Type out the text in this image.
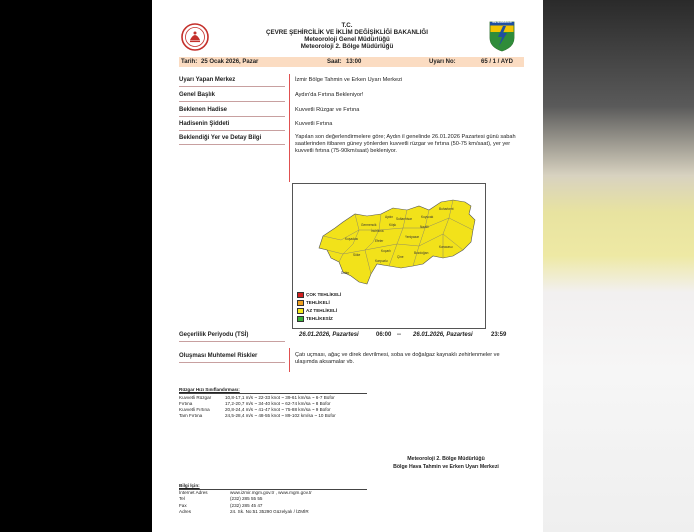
T.C.
ÇEVRE ŞEHİRCİLİK VE İKLİM DEĞİŞİKLİĞİ BAKANLIĞI
Meteoroloji Genel Müdürlüğü
Meteoroloji 2. Bölge Müdürlüğü
METEOROLOJİ
Tarih: 25 Ocak 2026, Pazar	Saat: 13:00	Uyarı No:	65 / 1 / AYD
Uyarı Yapan Merkez	İzmir Bölge Tahmin ve Erken Uyarı Merkezi
Genel Başlık	Aydın'da Fırtına Bekleniyor!
Beklenen Hadise	Kuvvetli Rüzgar ve Fırtına
Hadisenin Şiddeti	Kuvvetli Fırtına
Beklendiği Yer ve Detay Bilgi	Yapılan son değerlendirmelere göre; Aydın il genelinde 26.01.2026 Pazartesi günü sabah saatlerinden itibaren güney yönlerden kuvvetli rüzgar ve fırtına (50-75 km/saat), yer yer kuvvetli fırtına (75-90km/saat) bekleniyor.
Buharkent
Kuyucak
Nazilli
Sultanhisar
Aydın
Köşk
Germencik
İncirliova
Kuşadası	Efeler
Koçarlı
Yenipazar
Karacasu
Bozdoğan
Çine
Karpuzlu
Söke
Didim
ÇOK TEHLİKELİ
TEHLİKELİ
AZ TEHLİKELİ
TEHLİKESİZ
Geçerlilik Periyodu (TSİ)	26.01.2026, Pazartesi	06:00 -- 26.01.2026, Pazartesi	23:59
Oluşması Muhtemel Riskler	Çatı uçması, ağaç ve direk devrilmesi, soba ve doğalgaz kaynaklı zehirlenmeler ve ulaşımda aksamalar vb.
Rüzgar Hızı Sınıflandırması:
Kuvvetli Rüzgar	10,8-17,1 m/s ~ 22-33 knot ~ 39-61 km/sa ~ 6-7 Bofor
Fırtına	17,2-20,7 m/s ~ 34-40 knot ~ 62-74 km/sa ~ 8 Bofor
Kuvvetli Fırtına	20,8-24,4 m/s ~ 41-47 knot ~ 75-88 km/sa ~ 9 Bofor
Tam Fırtına	24,5-28,4 m/s ~ 48-55 knot ~ 89-102 km/sa ~ 10 Bofor
Meteoroloji 2. Bölge Müdürlüğü
Bölge Hava Tahmin ve Erken Uyarı Merkezi
Bilgi İçin:
İnternet Adres	www.izmir.mgm.gov.tr , www.mgm.gov.tr
Tel	(232) 285 55 55
Fax	(232) 285 45 47
Adres	24. Sk. No:51 35290 Güzelyalı / İZMİR
